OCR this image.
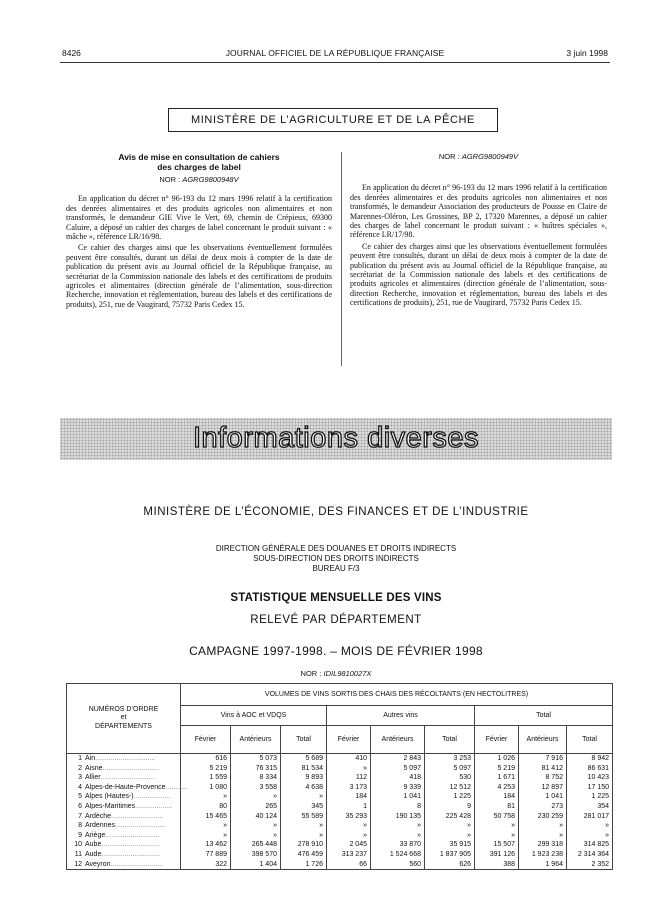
8426	JOURNAL OFFICIEL DE LA RÉPUBLIQUE FRANÇAISE	3 juin 1998
MINISTÈRE DE L’AGRICULTURE ET DE LA PÊCHE
Avis de mise en consultation de cahiers
des charges de label
NOR : AGRG9800948V

En application du décret n° 96-193 du 12 mars 1996 relatif à la certification des denrées alimentaires et des produits agricoles non alimentaires et non transformés, le demandeur GIE Vive le Vert, 69, chemin de Crépieux, 69300 Caluire, a déposé un cahier des charges de label concernant le produit suivant : « mâche », référence LR/16/98.

Ce cahier des charges ainsi que les observations éventuellement formulées peuvent être consultés, durant un délai de deux mois à compter de la date de publication du présent avis au Journal officiel de la République française, au secrétariat de la Commission nationale des labels et des certifications de produits agricoles et alimentaires (direction générale de l’alimentation, sous-direction Recherche, innovation et réglementation, bureau des labels et des certifications de produits), 251, rue de Vaugirard, 75732 Paris Cedex 15.

NOR : AGRG9800949V

En application du décret n° 96-193 du 12 mars 1996 relatif à la certification des denrées alimentaires et des produits agricoles non alimentaires et non transformés, le demandeur Association des producteurs de Pousse en Claire de Marennes-Oléron, Les Grossines, BP 2, 17320 Marennes, a déposé un cahier des charges de label concernant le produit suivant : « huîtres spéciales », référence LR/17/98.

Ce cahier des charges ainsi que les observations éventuellement formulées peuvent être consultés, durant un délai de deux mois à compter de la date de publication du présent avis au Journal officiel de la République française, au secrétariat de la Commission nationale des labels et des certifications de produits agricoles et alimentaires (direction générale de l’alimentation, sous-direction Recherche, innovation et réglementation, bureau des labels et des certifications de produits), 251, rue de Vaugirard, 75732 Paris Cedex 15.

Informations diverses
MINISTÈRE DE L’ÉCONOMIE, DES FINANCES ET DE L’INDUSTRIE
DIRECTION GÉNÉRALE DES DOUANES ET DROITS INDIRECTS
SOUS-DIRECTION DES DROITS INDIRECTS
BUREAU F/3
STATISTIQUE MENSUELLE DES VINS
RELEVÉ PAR DÉPARTEMENT
CAMPAGNE 1997-1998. – MOIS DE FÉVRIER 1998
NOR : IDIL9810027X
NUMÉROS D’ORDRE
et
DÉPARTEMENTS	VOLUMES DE VINS SORTIS DES CHAIS DES RÉCOLTANTS (EN HECTOLITRES)								
	Vins à AOC et VDQS			Autres vins			Total		
	Février	Antérieurs	Total	Février	Antérieurs	Total	Février	Antérieurs	Total
1 Ain...............................	616	5 073	5 689	410	2 843	3 253	1 026	7 916	8 942
2 Aisne.............................	5 219	76 315	81 534	»	5 097	5 097	5 219	81 412	86 631
3 Allier............................	1 559	8 334	9 893	112	418	530	1 671	8 752	10 423
4 Alpes-de-Haute-Provence...........	1 080	3 558	4 638	3 173	9 339	12 512	4 253	12 897	17 150
5 Alpes (Hautes-)...................	»	»	»	184	1 041	1 225	184	1 041	1 225
6 Alpes-Maritimes...................	80	265	345	1	8	9	81	273	354
7 Ardèche...........................	15 465	40 124	55 589	35 293	190 135	225 428	50 758	230 259	281 017
8 Ardennes..........................	»	»	»	»	»	»	»	»	»
9 Ariège............................	»	»	»	»	»	»	»	»	»
10 Aube..............................	13 462	265 448	278 910	2 045	33 870	35 915	15 507	299 318	314 825
11 Aude..............................	77 889	398 570	476 459	313 237	1 524 668	1 837 905	391 126	1 923 238	2 314 364
12 Aveyron...........................	322	1 404	1 726	66	560	626	388	1 964	2 352
